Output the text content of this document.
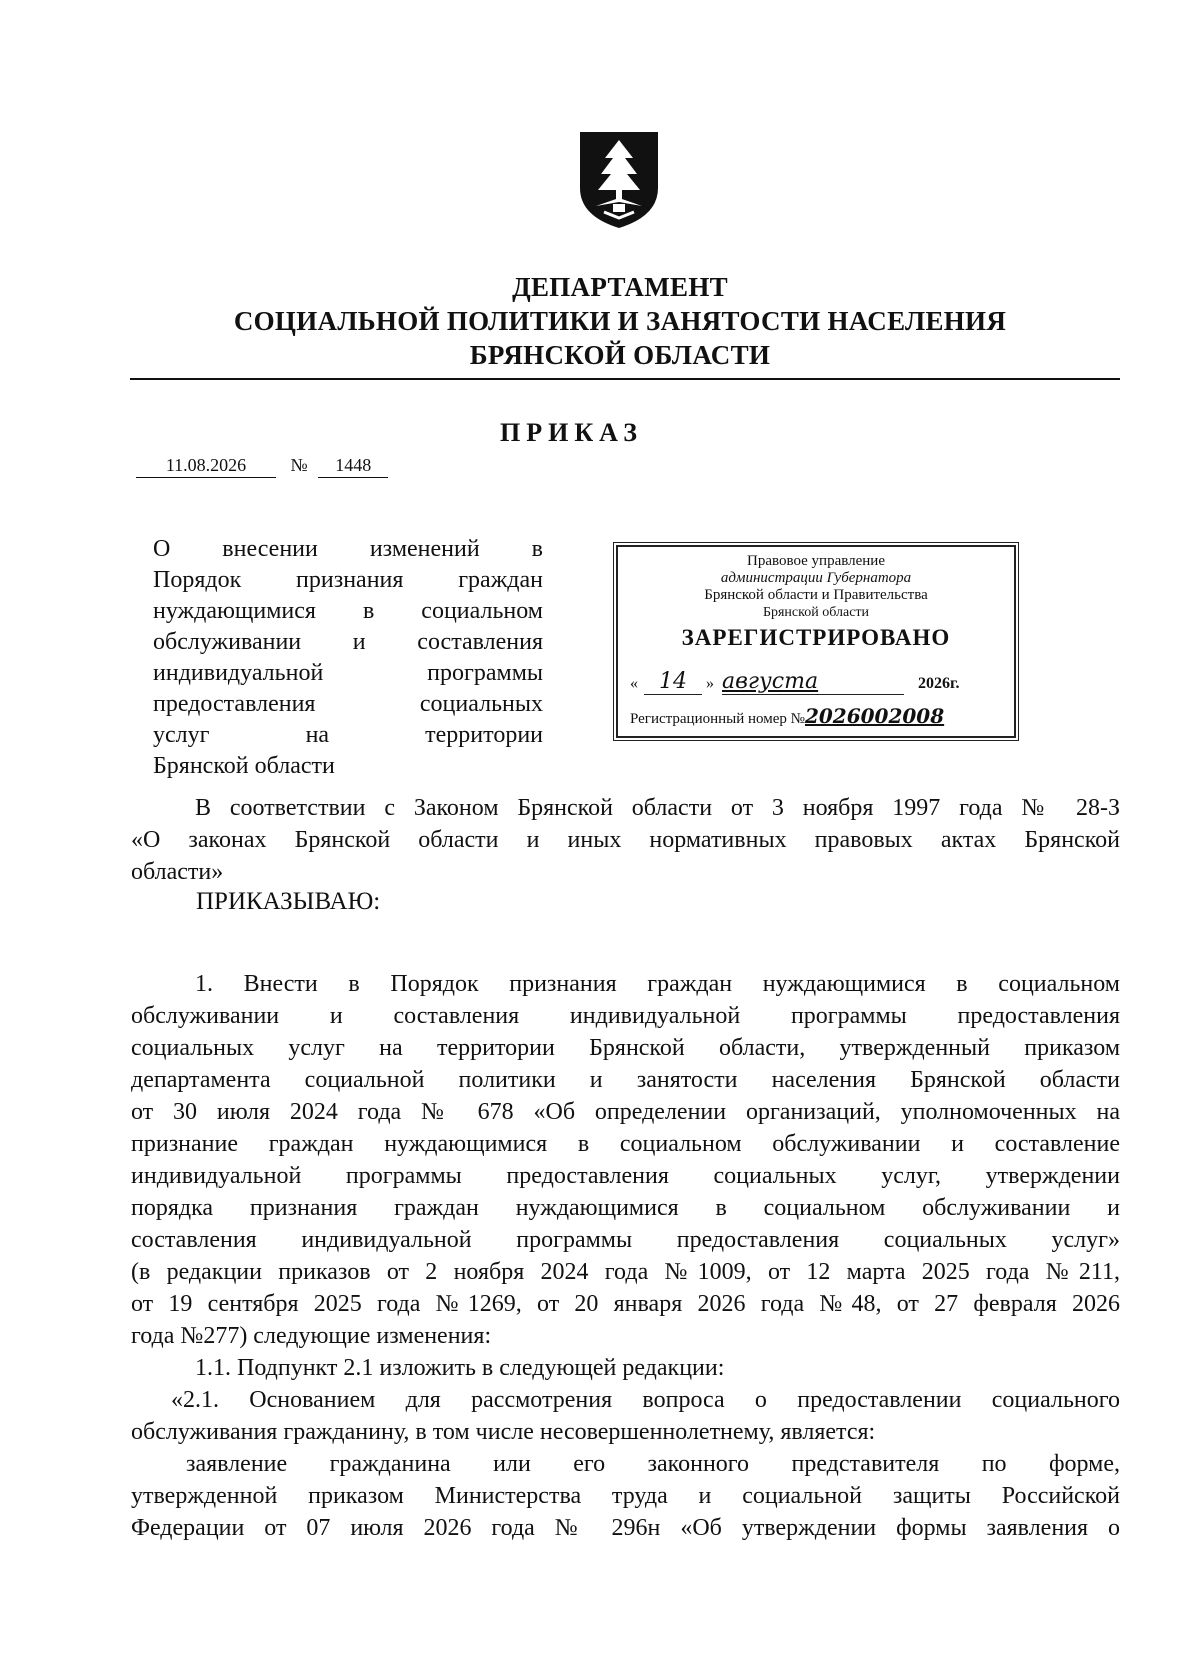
ДЕПАРТАМЕНТ
СОЦИАЛЬНОЙ ПОЛИТИКИ И ЗАНЯТОСТИ НАСЕЛЕНИЯ
БРЯНСКОЙ ОБЛАСТИ
ПРИКАЗ
11.08.2026 № 1448
О внесении изменений в
Порядок признания граждан
нуждающимися в социальном
обслуживании и составления
индивидуальной программы
предоставления социальных
услуг на территории
Брянской области
Правовое управление
администрации Губернатора
Брянской области и Правительства
Брянской области
ЗАРЕГИСТРИРОВАНО
« 14	» августа	2026г.
Регистрационный номер №2026002008
В соответствии с Законом Брянской области от 3 ноября 1997 года № 28-З
«О законах Брянской области и иных нормативных правовых актах Брянской
области»
ПРИКАЗЫВАЮ:
1. Внести в Порядок признания граждан нуждающимися в социальном
обслуживании и составления индивидуальной программы предоставления
социальных услуг на территории Брянской области, утвержденный приказом
департамента социальной политики и занятости населения Брянской области
от 30 июля 2024 года № 678 «Об определении организаций, уполномоченных на
признание граждан нуждающимися в социальном обслуживании и составление
индивидуальной программы предоставления социальных услуг, утверждении
порядка признания граждан нуждающимися в социальном обслуживании и
составления индивидуальной программы предоставления социальных услуг»
(в редакции приказов от 2 ноября 2024 года №1009, от 12 марта 2025 года №211,
от 19 сентября 2025 года №1269, от 20 января 2026 года №48, от 27 февраля 2026
года №277) следующие изменения:
1.1. Подпункт 2.1 изложить в следующей редакции:
«2.1. Основанием для рассмотрения вопроса о предоставлении социального
обслуживания гражданину, в том числе несовершеннолетнему, является:
заявление гражданина или его законного представителя по форме,
утвержденной приказом Министерства труда и социальной защиты Российской
Федерации от 07 июля 2026 года № 296н «Об утверждении формы заявления о
